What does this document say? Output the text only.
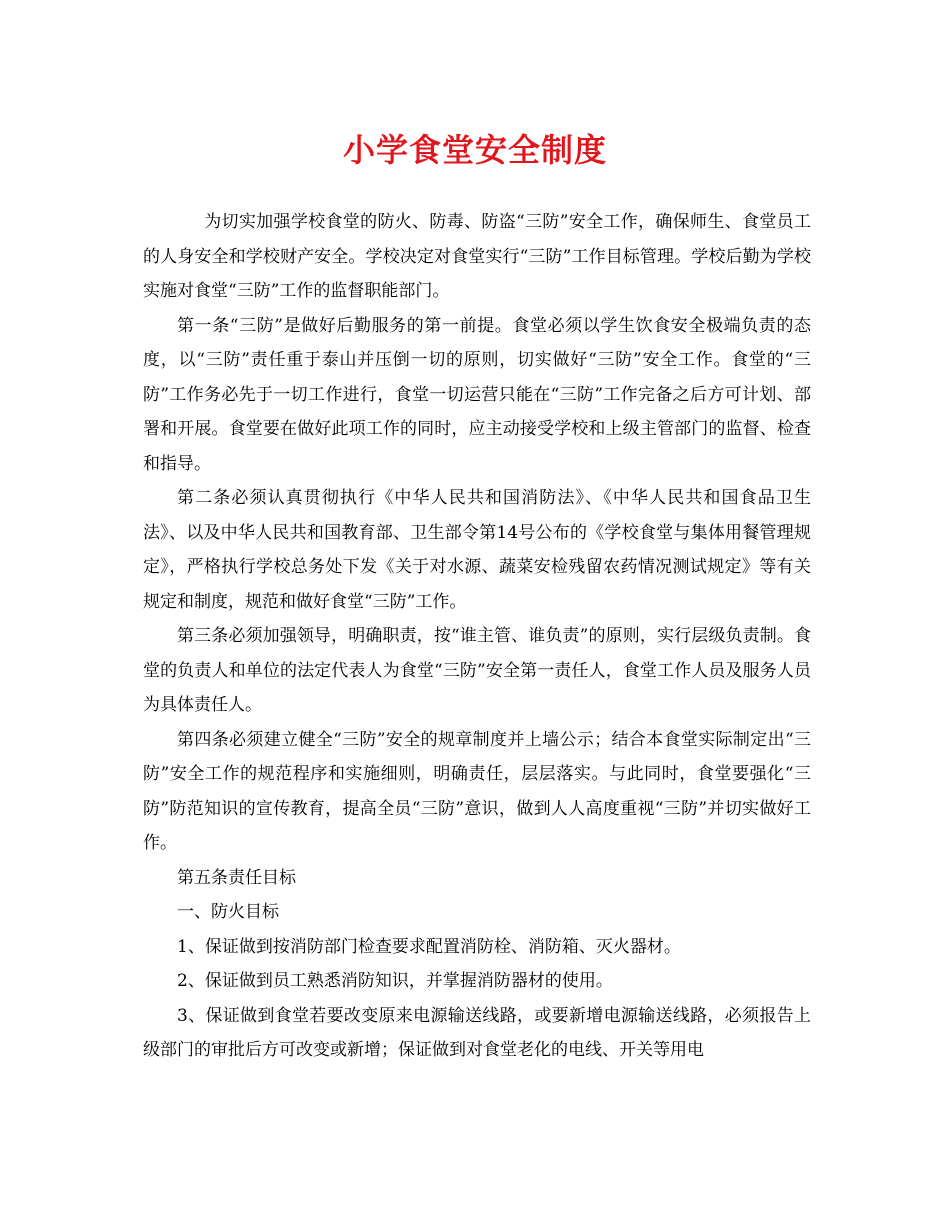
小学食堂安全制度

为切实加强学校食堂的防火、防毒、防盗“三防”安全工作，确保师生、食堂员工的人身安全和学校财产安全。学校决定对食堂实行“三防”工作目标管理。学校后勤为学校实施对食堂“三防”工作的监督职能部门。

第一条“三防”是做好后勤服务的第一前提。食堂必须以学生饮食安全极端负责的态度，以“三防”责任重于泰山并压倒一切的原则，切实做好“三防”安全工作。食堂的“三防”工作务必先于一切工作进行，食堂一切运营只能在“三防”工作完备之后方可计划、部署和开展。食堂要在做好此项工作的同时，应主动接受学校和上级主管部门的监督、检查和指导。

第二条必须认真贯彻执行《中华人民共和国消防法》、《中华人民共和国食品卫生法》、以及中华人民共和国教育部、卫生部令第14号公布的《学校食堂与集体用餐管理规定》，严格执行学校总务处下发《关于对水源、蔬菜安检残留农药情况测试规定》等有关规定和制度，规范和做好食堂“三防”工作。

第三条必须加强领导，明确职责，按“谁主管、谁负责”的原则，实行层级负责制。食堂的负责人和单位的法定代表人为食堂“三防”安全第一责任人，食堂工作人员及服务人员为具体责任人。

第四条必须建立健全“三防”安全的规章制度并上墙公示；结合本食堂实际制定出“三防”安全工作的规范程序和实施细则，明确责任，层层落实。与此同时，食堂要强化“三防”防范知识的宣传教育，提高全员“三防”意识，做到人人高度重视“三防”并切实做好工作。

第五条责任目标

一、防火目标

1、保证做到按消防部门检查要求配置消防栓、消防箱、灭火器材。

2、保证做到员工熟悉消防知识，并掌握消防器材的使用。

3、保证做到食堂若要改变原来电源输送线路，或要新增电源输送线路，必须报告上级部门的审批后方可改变或新增；保证做到对食堂老化的电线、开关等用电
